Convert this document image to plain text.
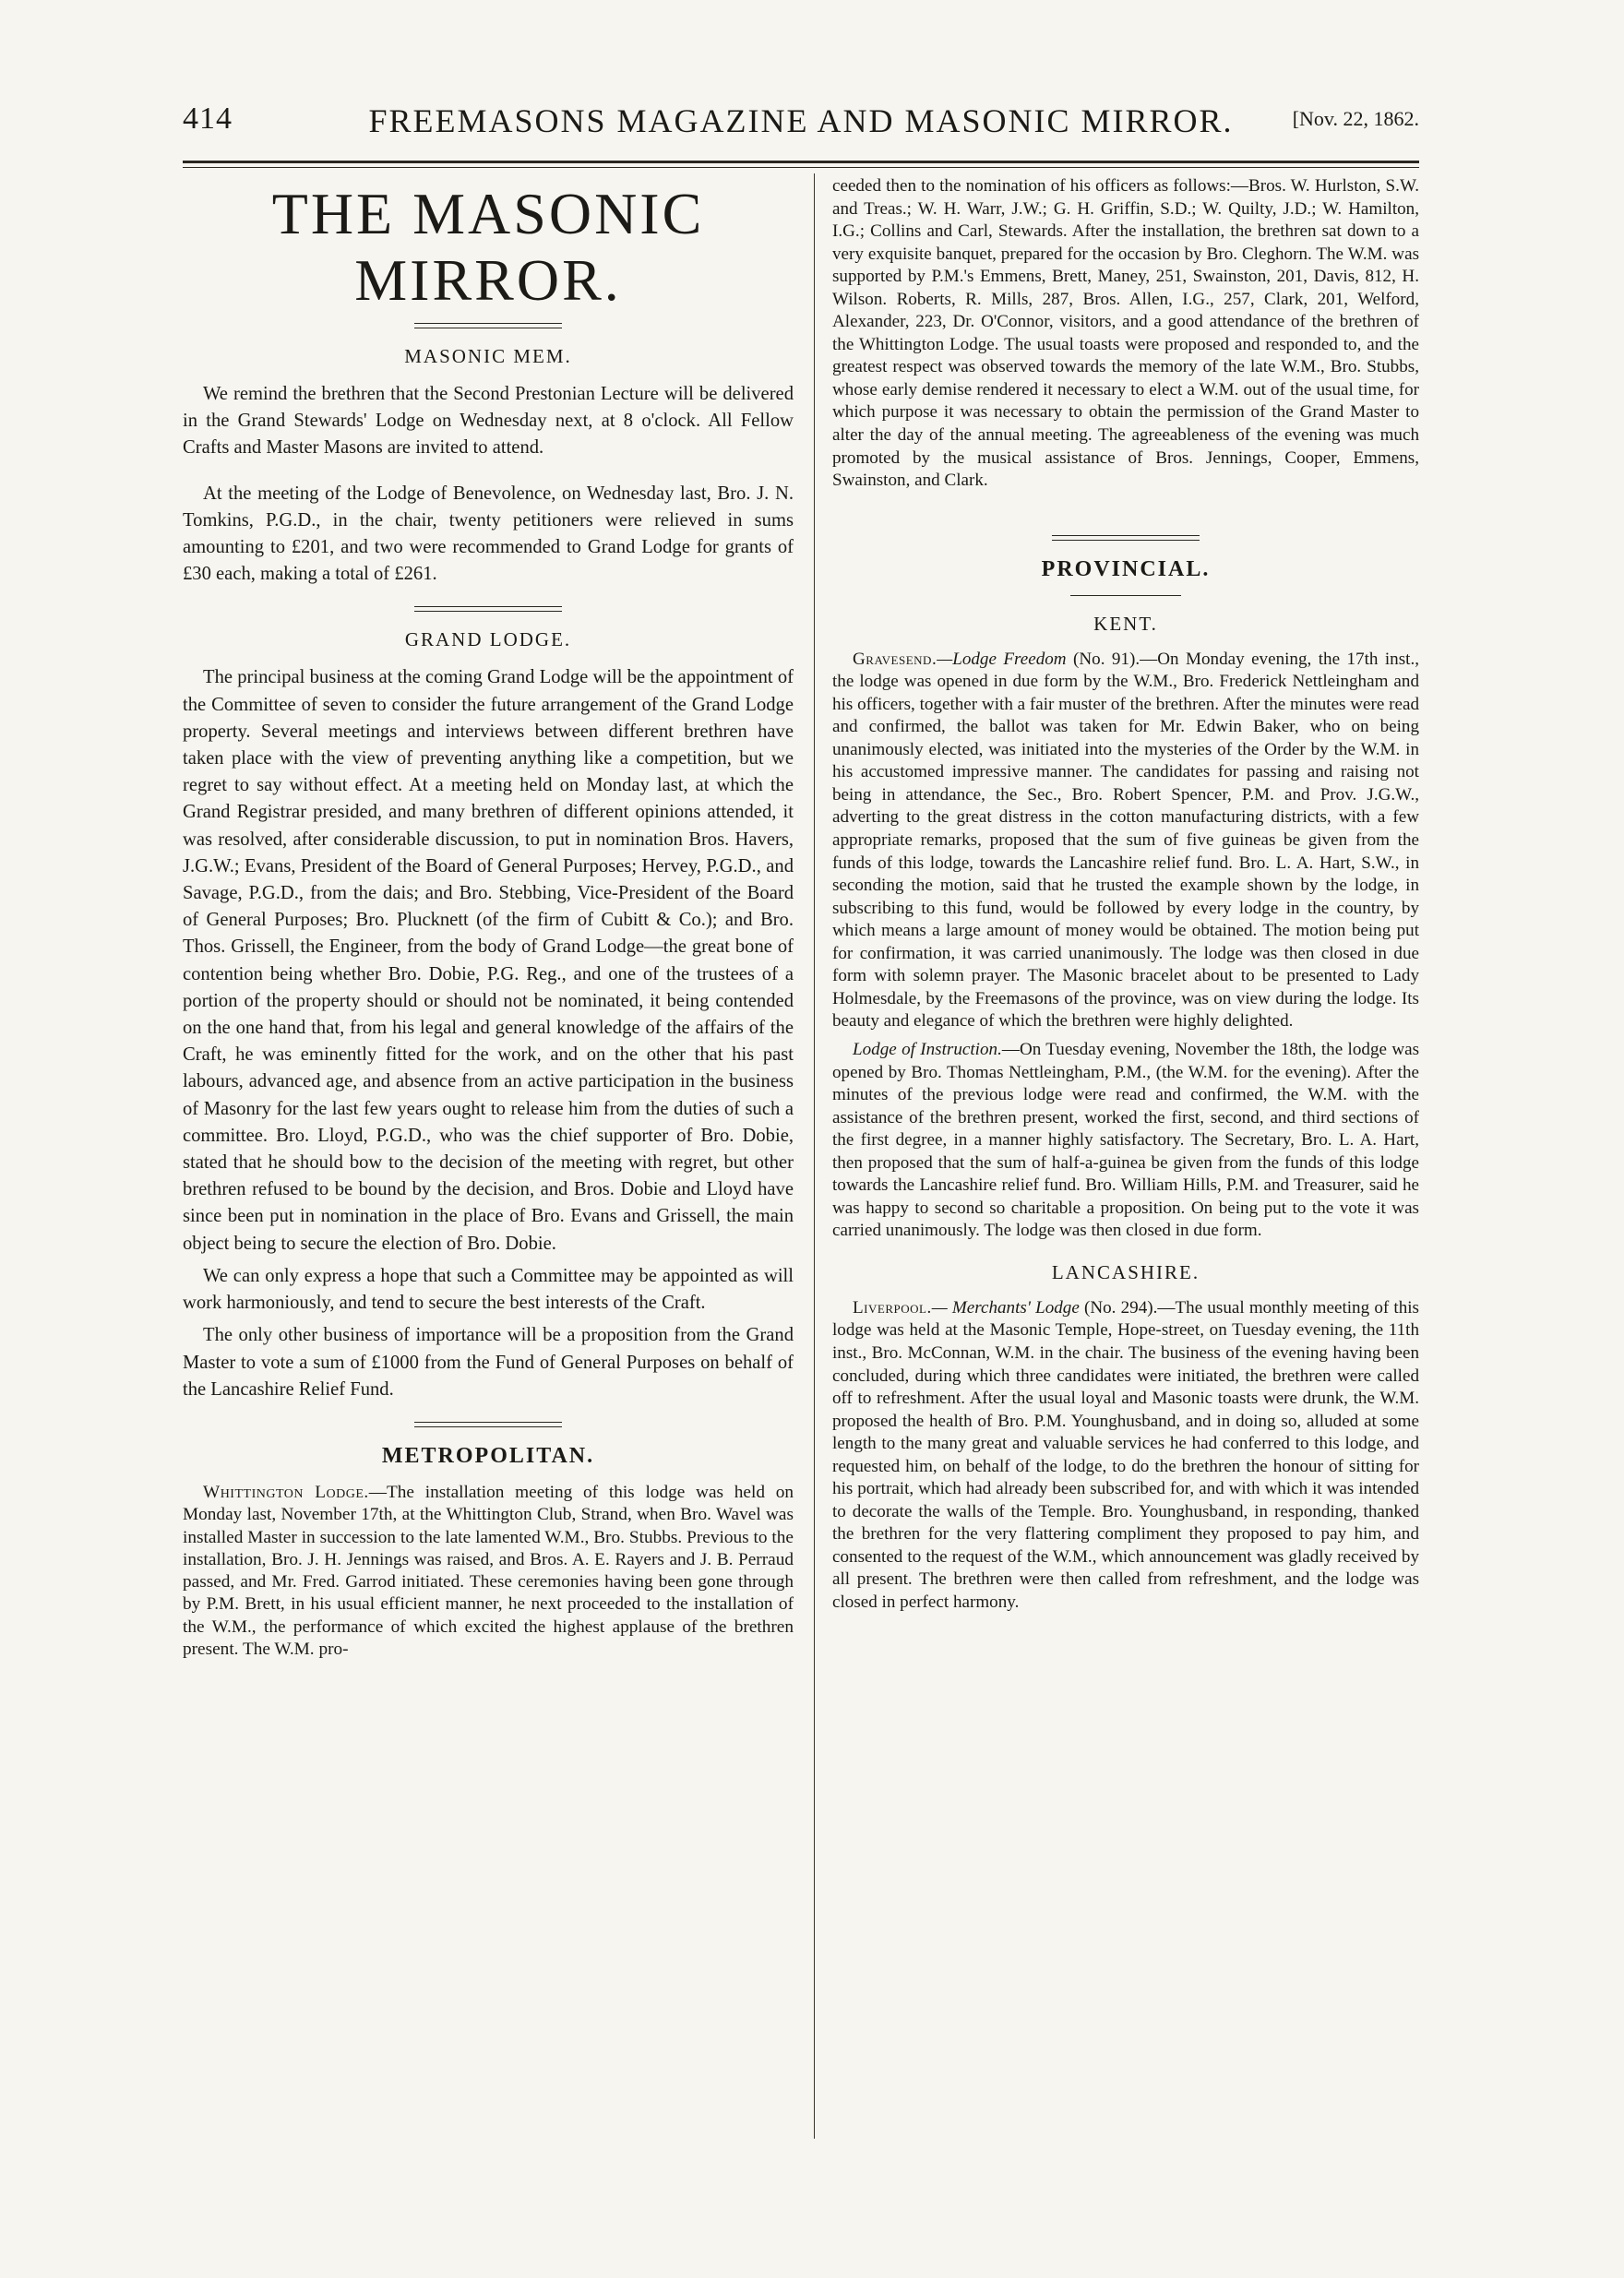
414	FREEMASONS MAGAZINE AND MASONIC MIRROR.	[Nov. 22, 1862.
THE MASONIC MIRROR.
MASONIC MEM.

We remind the brethren that the Second Prestonian Lecture will be delivered in the Grand Stewards' Lodge on Wednesday next, at 8 o'clock. All Fellow Crafts and Master Masons are invited to attend.

At the meeting of the Lodge of Benevolence, on Wednesday last, Bro. J. N. Tomkins, P.G.D., in the chair, twenty petitioners were relieved in sums amounting to £201, and two were recommended to Grand Lodge for grants of £30 each, making a total of £261.

GRAND LODGE.

The principal business at the coming Grand Lodge will be the appointment of the Committee of seven to consider the future arrangement of the Grand Lodge property. Several meetings and interviews between different brethren have taken place with the view of preventing anything like a competition, but we regret to say without effect. At a meeting held on Monday last, at which the Grand Registrar presided, and many brethren of different opinions attended, it was resolved, after considerable discussion, to put in nomination Bros. Havers, J.G.W.; Evans, President of the Board of General Purposes; Hervey, P.G.D., and Savage, P.G.D., from the dais; and Bro. Stebbing, Vice-President of the Board of General Purposes; Bro. Plucknett (of the firm of Cubitt & Co.); and Bro. Thos. Grissell, the Engineer, from the body of Grand Lodge—the great bone of contention being whether Bro. Dobie, P.G. Reg., and one of the trustees of a portion of the property should or should not be nominated, it being contended on the one hand that, from his legal and general knowledge of the affairs of the Craft, he was eminently fitted for the work, and on the other that his past labours, advanced age, and absence from an active participation in the business of Masonry for the last few years ought to release him from the duties of such a committee. Bro. Lloyd, P.G.D., who was the chief supporter of Bro. Dobie, stated that he should bow to the decision of the meeting with regret, but other brethren refused to be bound by the decision, and Bros. Dobie and Lloyd have since been put in nomination in the place of Bro. Evans and Grissell, the main object being to secure the election of Bro. Dobie.

We can only express a hope that such a Committee may be appointed as will work harmoniously, and tend to secure the best interests of the Craft.

The only other business of importance will be a proposition from the Grand Master to vote a sum of £1000 from the Fund of General Purposes on behalf of the Lancashire Relief Fund.

METROPOLITAN.

Whittington Lodge.—The installation meeting of this lodge was held on Monday last, November 17th, at the Whittington Club, Strand, when Bro. Wavel was installed Master in succession to the late lamented W.M., Bro. Stubbs. Previous to the installation, Bro. J. H. Jennings was raised, and Bros. A. E. Rayers and J. B. Perraud passed, and Mr. Fred. Garrod initiated. These ceremonies having been gone through by P.M. Brett, in his usual efficient manner, he next proceeded to the installation of the W.M., the performance of which excited the highest applause of the brethren present. The W.M. pro-

ceeded then to the nomination of his officers as follows:—Bros. W. Hurlston, S.W. and Treas.; W. H. Warr, J.W.; G. H. Griffin, S.D.; W. Quilty, J.D.; W. Hamilton, I.G.; Collins and Carl, Stewards. After the installation, the brethren sat down to a very exquisite banquet, prepared for the occasion by Bro. Cleghorn. The W.M. was supported by P.M.'s Emmens, Brett, Maney, 251, Swainston, 201, Davis, 812, H. Wilson. Roberts, R. Mills, 287, Bros. Allen, I.G., 257, Clark, 201, Welford, Alexander, 223, Dr. O'Connor, visitors, and a good attendance of the brethren of the Whittington Lodge. The usual toasts were proposed and responded to, and the greatest respect was observed towards the memory of the late W.M., Bro. Stubbs, whose early demise rendered it necessary to elect a W.M. out of the usual time, for which purpose it was necessary to obtain the permission of the Grand Master to alter the day of the annual meeting. The agreeableness of the evening was much promoted by the musical assistance of Bros. Jennings, Cooper, Emmens, Swainston, and Clark.

PROVINCIAL.
KENT.

Gravesend.—Lodge Freedom (No. 91).—On Monday evening, the 17th inst., the lodge was opened in due form by the W.M., Bro. Frederick Nettleingham and his officers, together with a fair muster of the brethren. After the minutes were read and confirmed, the ballot was taken for Mr. Edwin Baker, who on being unanimously elected, was initiated into the mysteries of the Order by the W.M. in his accustomed impressive manner. The candidates for passing and raising not being in attendance, the Sec., Bro. Robert Spencer, P.M. and Prov. J.G.W., adverting to the great distress in the cotton manufacturing districts, with a few appropriate remarks, proposed that the sum of five guineas be given from the funds of this lodge, towards the Lancashire relief fund. Bro. L. A. Hart, S.W., in seconding the motion, said that he trusted the example shown by the lodge, in subscribing to this fund, would be followed by every lodge in the country, by which means a large amount of money would be obtained. The motion being put for confirmation, it was carried unanimously. The lodge was then closed in due form with solemn prayer. The Masonic bracelet about to be presented to Lady Holmesdale, by the Freemasons of the province, was on view during the lodge. Its beauty and elegance of which the brethren were highly delighted.

Lodge of Instruction.—On Tuesday evening, November the 18th, the lodge was opened by Bro. Thomas Nettleingham, P.M., (the W.M. for the evening). After the minutes of the previous lodge were read and confirmed, the W.M. with the assistance of the brethren present, worked the first, second, and third sections of the first degree, in a manner highly satisfactory. The Secretary, Bro. L. A. Hart, then proposed that the sum of half-a-guinea be given from the funds of this lodge towards the Lancashire relief fund. Bro. William Hills, P.M. and Treasurer, said he was happy to second so charitable a proposition. On being put to the vote it was carried unanimously. The lodge was then closed in due form.

LANCASHIRE.

Liverpool.— Merchants' Lodge (No. 294).—The usual monthly meeting of this lodge was held at the Masonic Temple, Hope-street, on Tuesday evening, the 11th inst., Bro. McConnan, W.M. in the chair. The business of the evening having been concluded, during which three candidates were initiated, the brethren were called off to refreshment. After the usual loyal and Masonic toasts were drunk, the W.M. proposed the health of Bro. P.M. Younghusband, and in doing so, alluded at some length to the many great and valuable services he had conferred to this lodge, and requested him, on behalf of the lodge, to do the brethren the honour of sitting for his portrait, which had already been subscribed for, and with which it was intended to decorate the walls of the Temple. Bro. Younghusband, in responding, thanked the brethren for the very flattering compliment they proposed to pay him, and consented to the request of the W.M., which announcement was gladly received by all present. The brethren were then called from refreshment, and the lodge was closed in perfect harmony.
